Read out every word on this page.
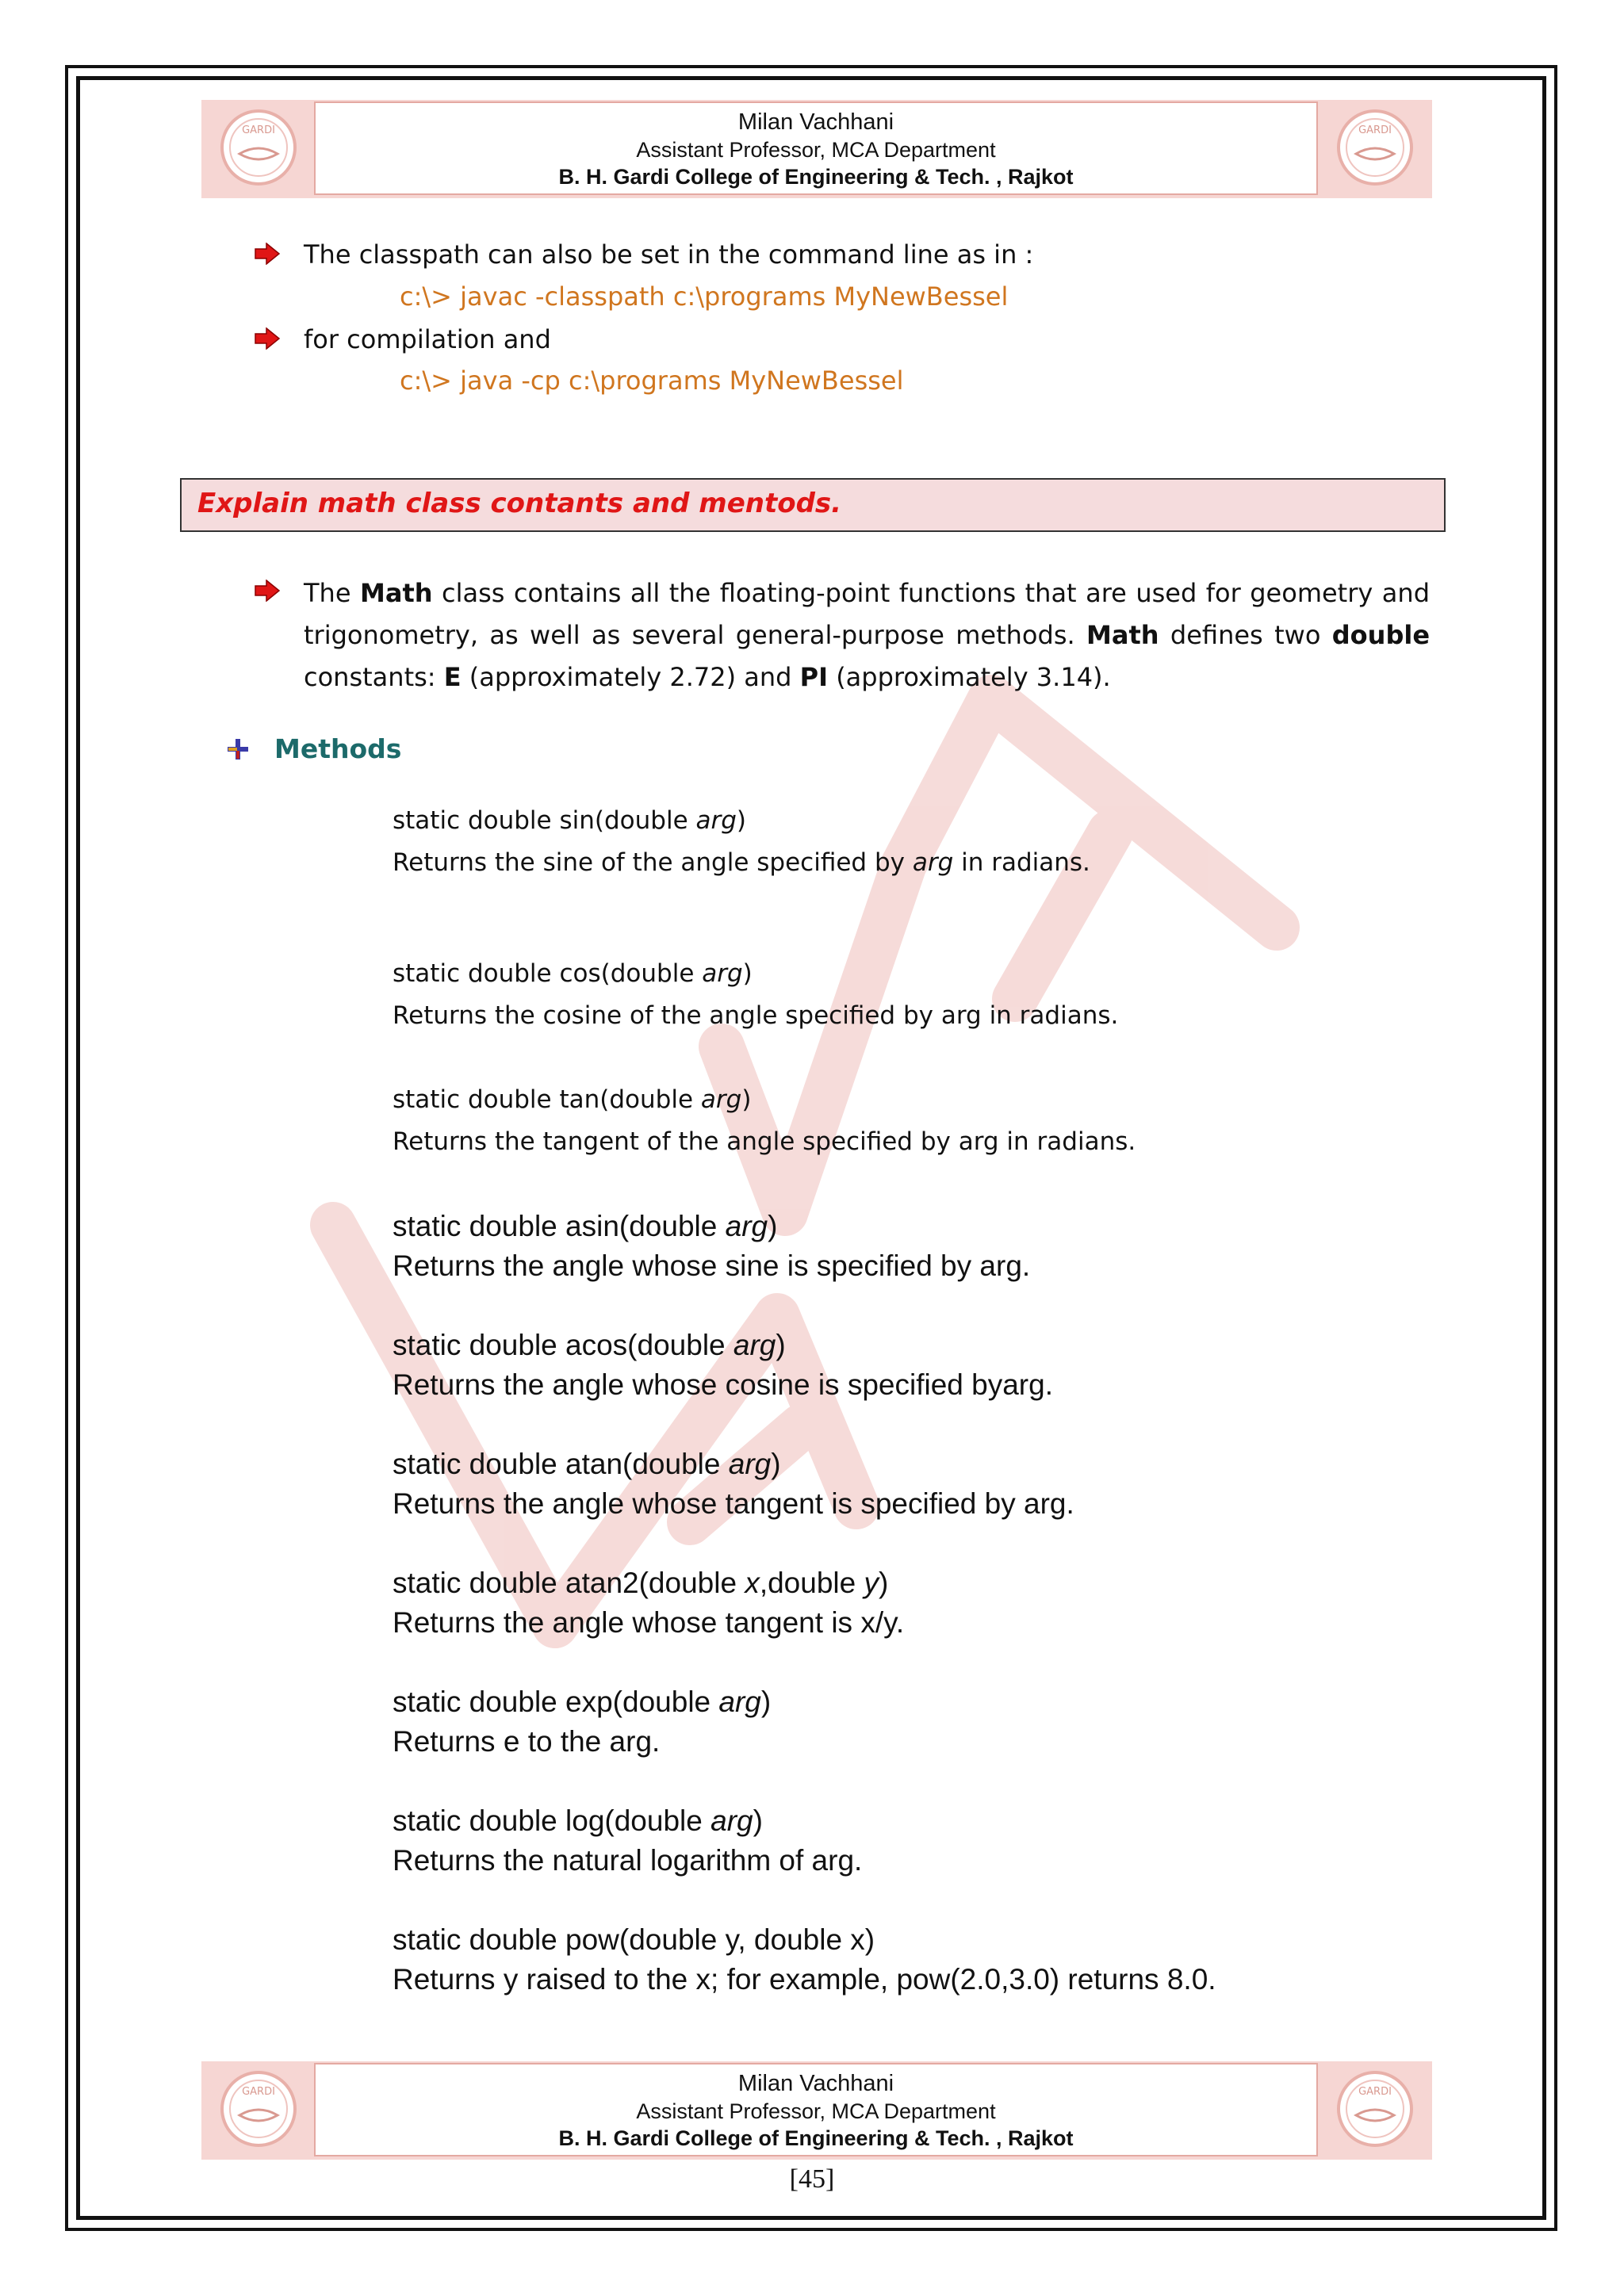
GARDI	Milan Vachhani
Assistant Professor, MCA Department
B. H. Gardi College of Engineering & Tech. , Rajkot
GARDI
The classpath can also be set in the command line as in :
c:\> javac -classpath c:\programs MyNewBessel
for compilation and
c:\> java -cp c:\programs MyNewBessel
Explain math class contants and mentods.
The Math class contains all the floating-point functions that are used for geometry and trigonometry, as well as several general-purpose methods. Math defines two double constants: E (approximately 2.72) and PI (approximately 3.14).
Methods
static double sin(double arg)
Returns the sine of the angle specified by arg in radians.
static double cos(double arg)
Returns the cosine of the angle specified by arg in radians.
static double tan(double arg)
Returns the tangent of the angle specified by arg in radians.
static double asin(double arg)
Returns the angle whose sine is specified by arg.
static double acos(double arg)
Returns the angle whose cosine is specified byarg.
static double atan(double arg)
Returns the angle whose tangent is specified by arg.
static double atan2(double x,double y)
Returns the angle whose tangent is x/y.
static double exp(double arg)
Returns e to the arg.
static double log(double arg)
Returns the natural logarithm of arg.
static double pow(double y, double x)
Returns y raised to the x; for example, pow(2.0,3.0) returns 8.0.
GARDI	Milan Vachhani
Assistant Professor, MCA Department
B. H. Gardi College of Engineering & Tech. , Rajkot
GARDI
[45]
